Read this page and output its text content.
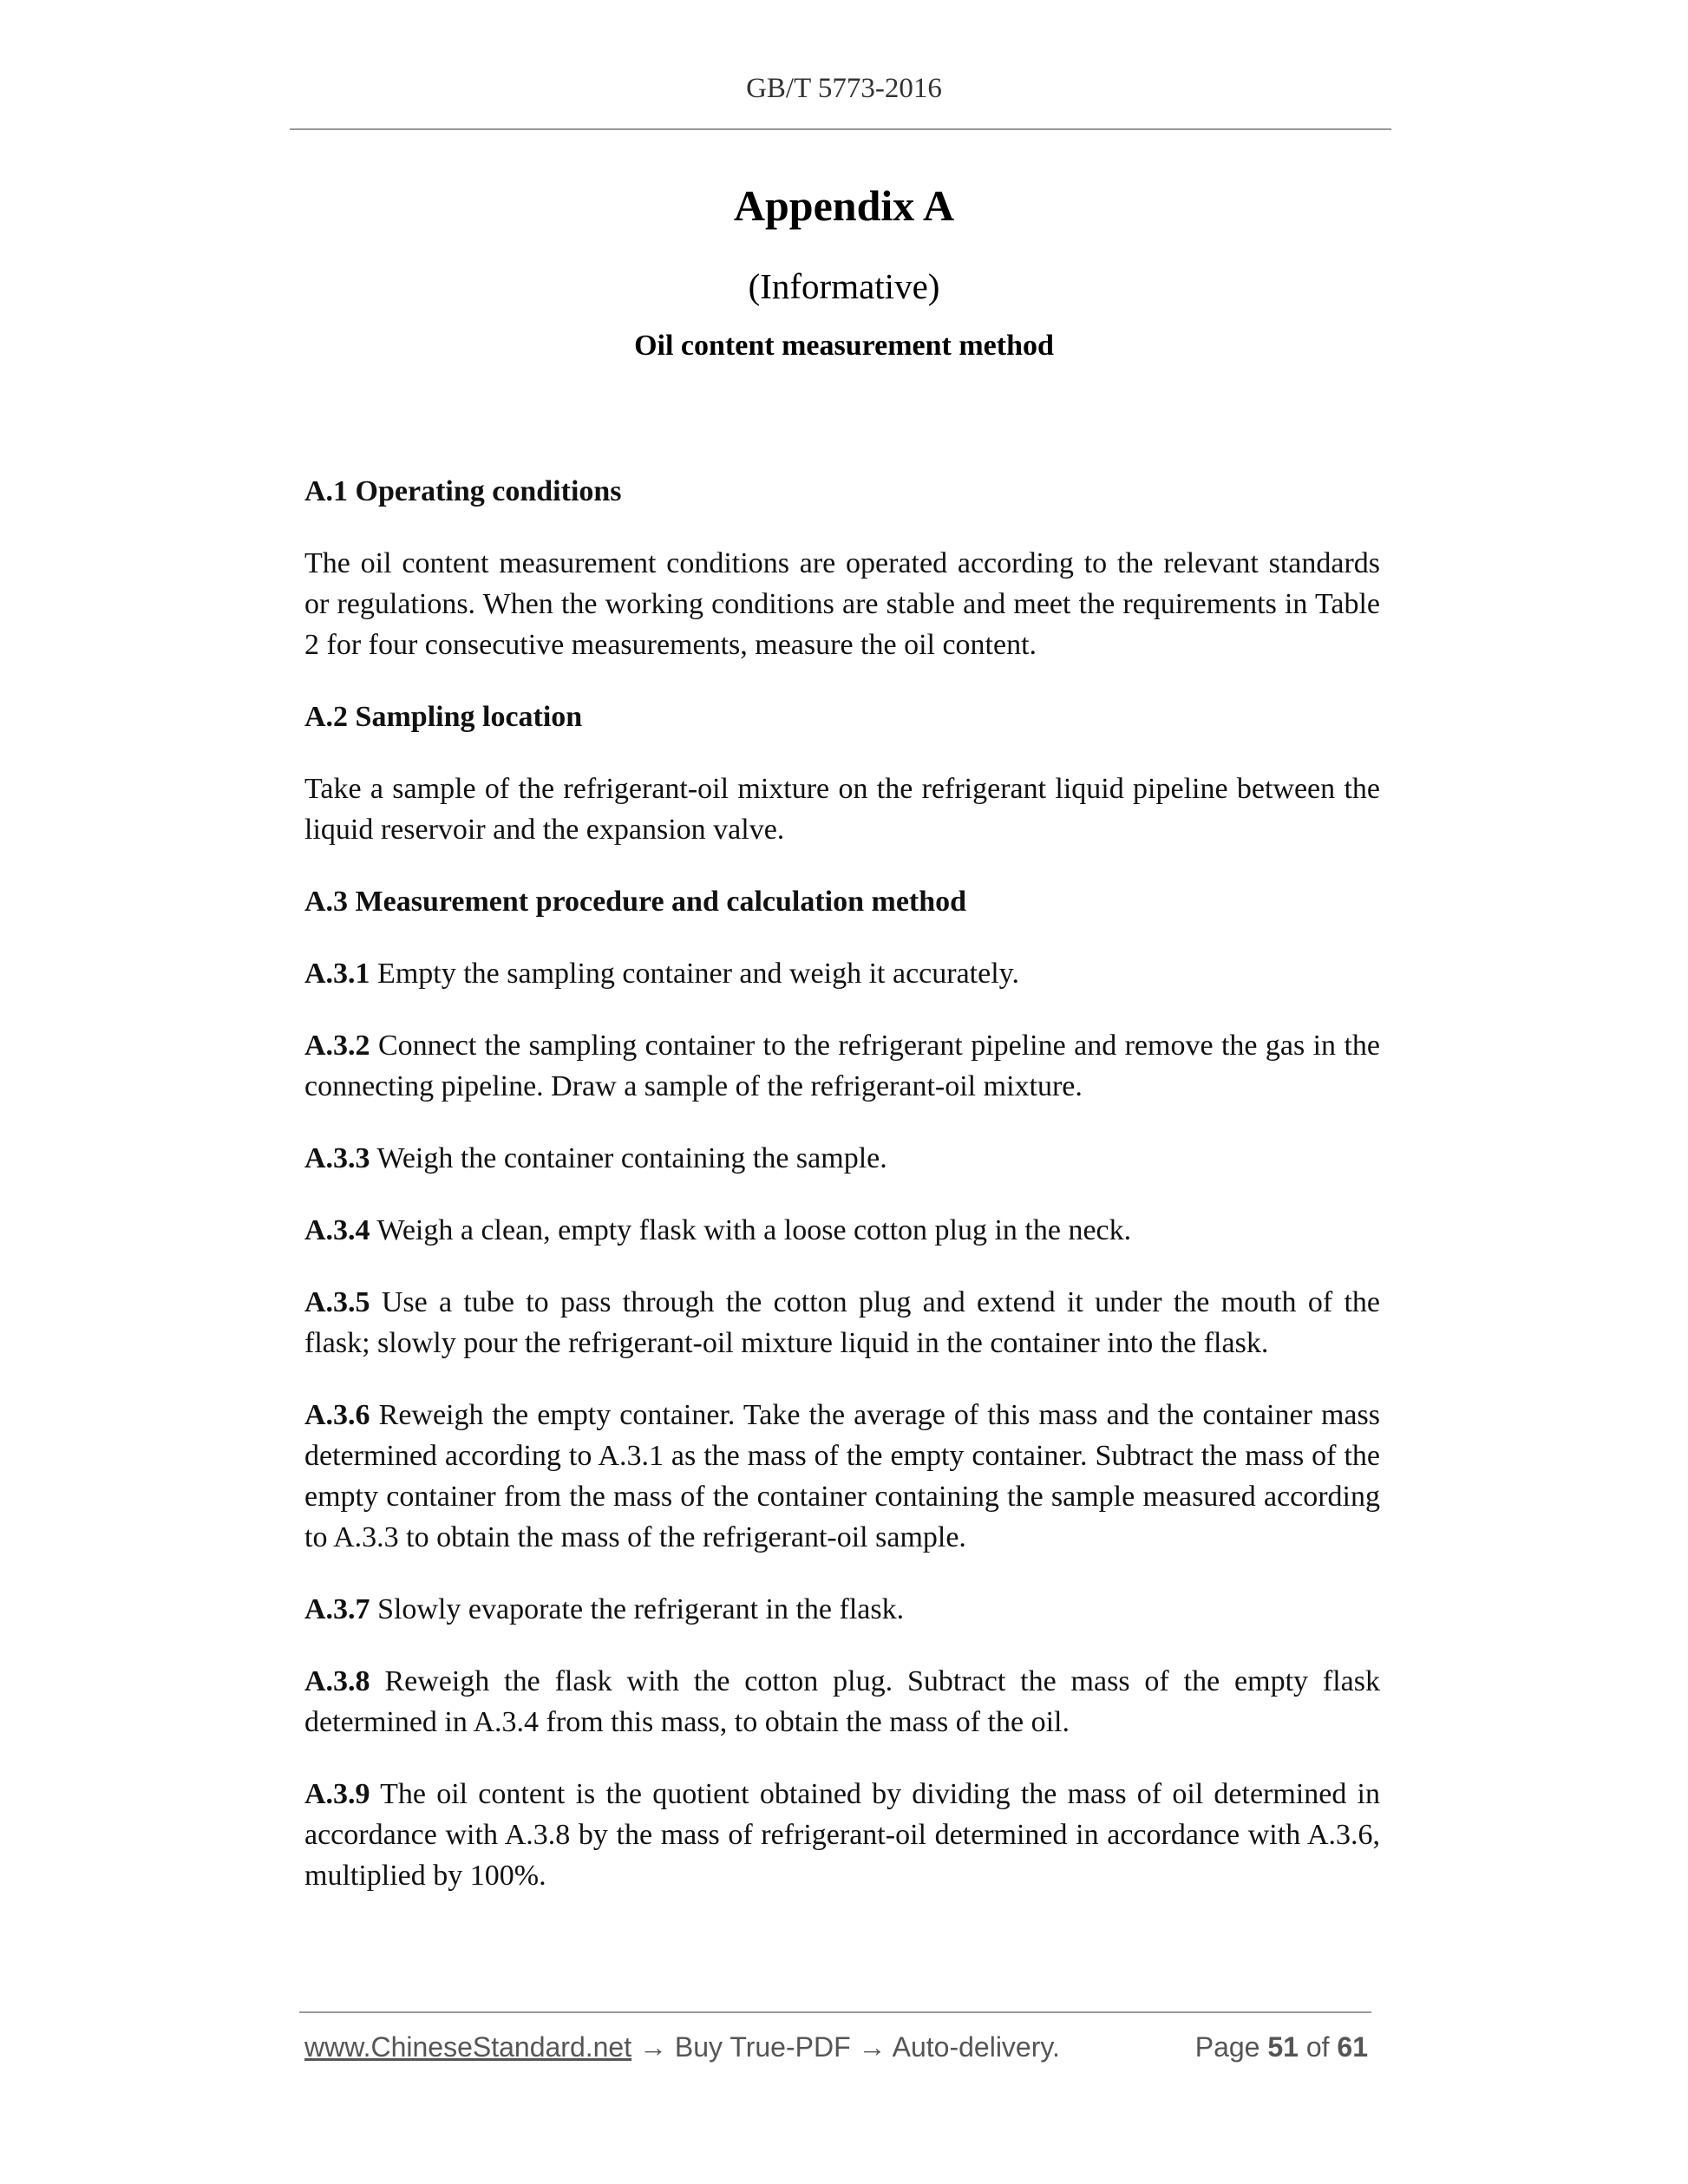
GB/T 5773-2016
Appendix A
(Informative)
Oil content measurement method
A.1 Operating conditions

The oil content measurement conditions are operated according to the relevant standards or regulations. When the working conditions are stable and meet the requirements in Table 2 for four consecutive measurements, measure the oil content.

A.2 Sampling location

Take a sample of the refrigerant-oil mixture on the refrigerant liquid pipeline between the liquid reservoir and the expansion valve.

A.3 Measurement procedure and calculation method

A.3.1 Empty the sampling container and weigh it accurately.

A.3.2 Connect the sampling container to the refrigerant pipeline and remove the gas in the connecting pipeline. Draw a sample of the refrigerant-oil mixture.

A.3.3 Weigh the container containing the sample.

A.3.4 Weigh a clean, empty flask with a loose cotton plug in the neck.

A.3.5 Use a tube to pass through the cotton plug and extend it under the mouth of the flask; slowly pour the refrigerant-oil mixture liquid in the container into the flask.

A.3.6 Reweigh the empty container. Take the average of this mass and the container mass determined according to A.3.1 as the mass of the empty container. Subtract the mass of the empty container from the mass of the container containing the sample measured according to A.3.3 to obtain the mass of the refrigerant-oil sample.

A.3.7 Slowly evaporate the refrigerant in the flask.

A.3.8 Reweigh the flask with the cotton plug. Subtract the mass of the empty flask determined in A.3.4 from this mass, to obtain the mass of the oil.

A.3.9 The oil content is the quotient obtained by dividing the mass of oil determined in accordance with A.3.8 by the mass of refrigerant-oil determined in accordance with A.3.6, multiplied by 100%.

www.ChineseStandard.net → Buy True-PDF → Auto-delivery.	Page 51 of 61
